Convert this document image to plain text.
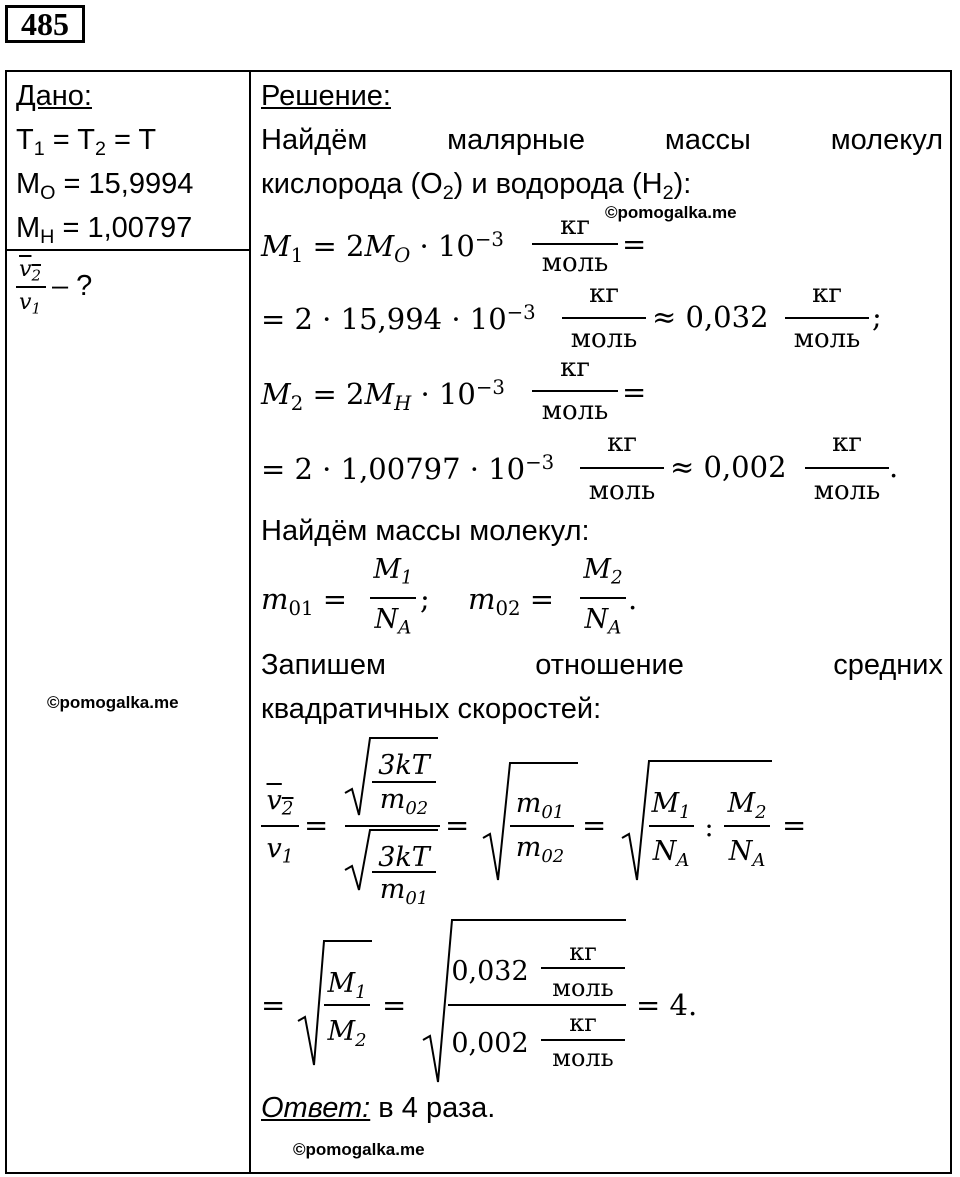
485
Дано:
$T_1 = T_2 = T$
$M_O = 15,9994$
$M_H = 1,00797$
$v_2$
$v_1$
– ?
Решение:
Найдём малярные массы молекул
кислорода $(O_2)$ и водорода $(H_2)$:
$M_1 = 2M_O \cdot 10^{-3}$ кг
моль
=
= $2 \cdot 15,994 \cdot 10^{-3}$
кг
моль
≈ 0,032
кг
моль
;
$M_2 = 2M_H \cdot 10^{-3}$
кг
моль
=
= $2 \cdot 1,00797 \cdot 10^{-3}$
кг
моль
≈ 0,002
кг
моль
.
Найдём массы молекул:
$m_{01}$ =
$M_1$
$N_A$
; $m_{02}$ =
$M_2$
$N_A$
.
Запишем отношение средних
квадратичных скоростей:
$v_2$
$v_1$
=	=	=	=
3kT
$m_{02}$
3kT
$m_{01}$
$m_{01}$
$m_{02}$
$M_1$
$N_A$
$M_2$
$N_A$
:
=	=	= 4.
$M_1$
$M_2$
0,032
0,002
кг
моль
кг
моль
Ответ: в 4 раза.
©pomogalka.me
©pomogalka.me
©pomogalka.me
